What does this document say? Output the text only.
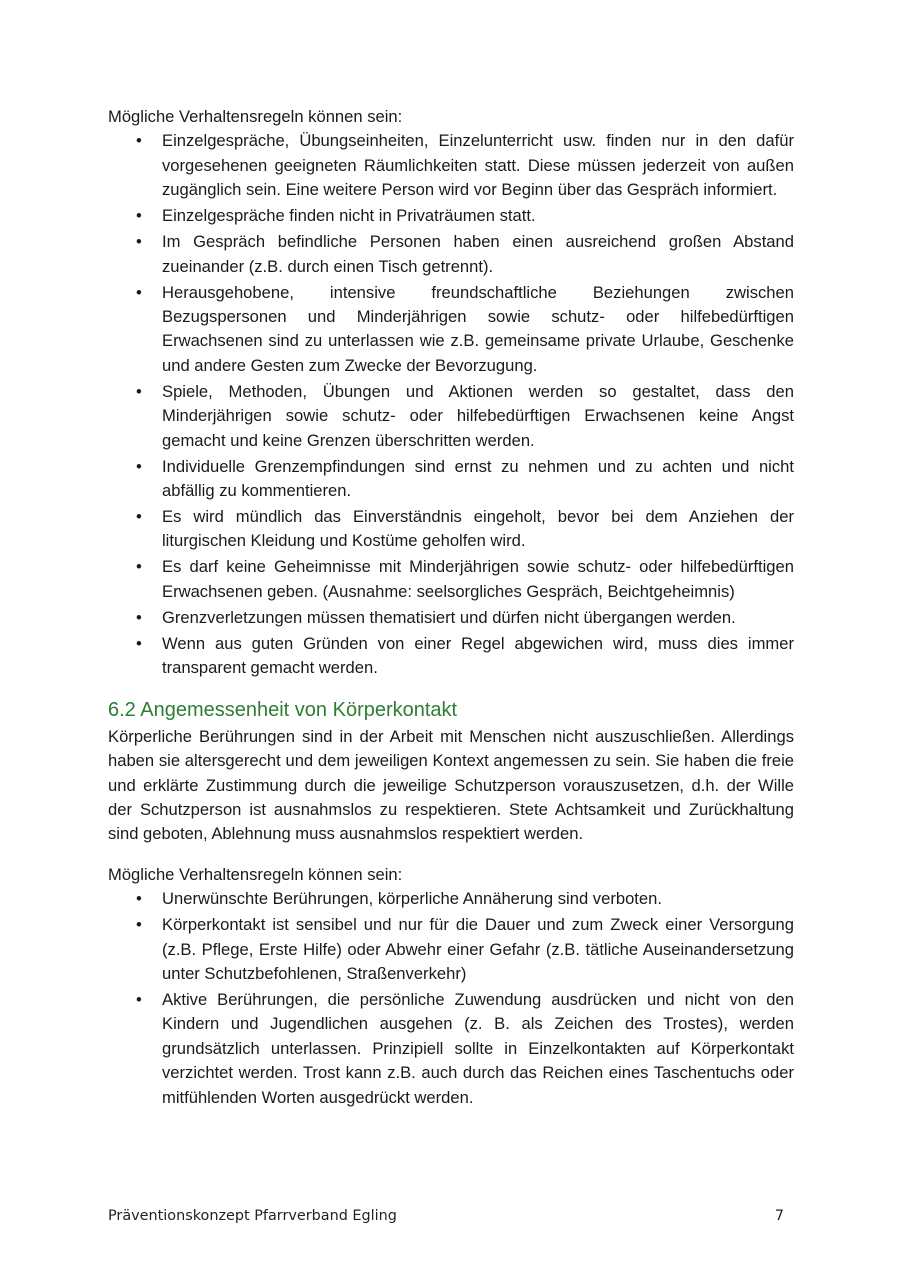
Mögliche Verhaltensregeln können sein:

• Einzelgespräche, Übungseinheiten, Einzelunterricht usw. finden nur in den dafür vorgesehenen geeigneten Räumlichkeiten statt. Diese müssen jederzeit von außen zugänglich sein. Eine weitere Person wird vor Beginn über das Gespräch informiert.
• Einzelgespräche finden nicht in Privaträumen statt.
• Im Gespräch befindliche Personen haben einen ausreichend großen Abstand zueinander (z.B. durch einen Tisch getrennt).
• Herausgehobene, intensive freundschaftliche Beziehungen zwischen Bezugspersonen und Minderjährigen sowie schutz- oder hilfebedürftigen Erwachsenen sind zu unterlassen wie z.B. gemeinsame private Urlaube, Geschenke und andere Gesten zum Zwecke der Bevorzugung.
• Spiele, Methoden, Übungen und Aktionen werden so gestaltet, dass den Minderjährigen sowie schutz- oder hilfebedürftigen Erwachsenen keine Angst gemacht und keine Grenzen überschritten werden.
• Individuelle Grenzempfindungen sind ernst zu nehmen und zu achten und nicht abfällig zu kommentieren.
• Es wird mündlich das Einverständnis eingeholt, bevor bei dem Anziehen der liturgischen Kleidung und Kostüme geholfen wird.
• Es darf keine Geheimnisse mit Minderjährigen sowie schutz- oder hilfebedürftigen Erwachsenen geben. (Ausnahme: seelsorgliches Gespräch, Beichtgeheimnis)
• Grenzverletzungen müssen thematisiert und dürfen nicht übergangen werden.
• Wenn aus guten Gründen von einer Regel abgewichen wird, muss dies immer transparent gemacht werden.
6.2 Angemessenheit von Körperkontakt

Körperliche Berührungen sind in der Arbeit mit Menschen nicht auszuschließen. Allerdings haben sie altersgerecht und dem jeweiligen Kontext angemessen zu sein. Sie haben die freie und erklärte Zustimmung durch die jeweilige Schutzperson vorauszusetzen, d.h. der Wille der Schutzperson ist ausnahmslos zu respektieren. Stete Achtsamkeit und Zurückhaltung sind geboten, Ablehnung muss ausnahmslos respektiert werden.

Mögliche Verhaltensregeln können sein:

• Unerwünschte Berührungen, körperliche Annäherung sind verboten.
• Körperkontakt ist sensibel und nur für die Dauer und zum Zweck einer Versorgung (z.B. Pflege, Erste Hilfe) oder Abwehr einer Gefahr (z.B. tätliche Auseinandersetzung unter Schutzbefohlenen, Straßenverkehr)
• Aktive Berührungen, die persönliche Zuwendung ausdrücken und nicht von den Kindern und Jugendlichen ausgehen (z. B. als Zeichen des Trostes), werden grundsätzlich unterlassen. Prinzipiell sollte in Einzelkontakten auf Körperkontakt verzichtet werden. Trost kann z.B. auch durch das Reichen eines Taschentuchs oder mitfühlenden Worten ausgedrückt werden.
Präventionskonzept Pfarrverband Egling	7
